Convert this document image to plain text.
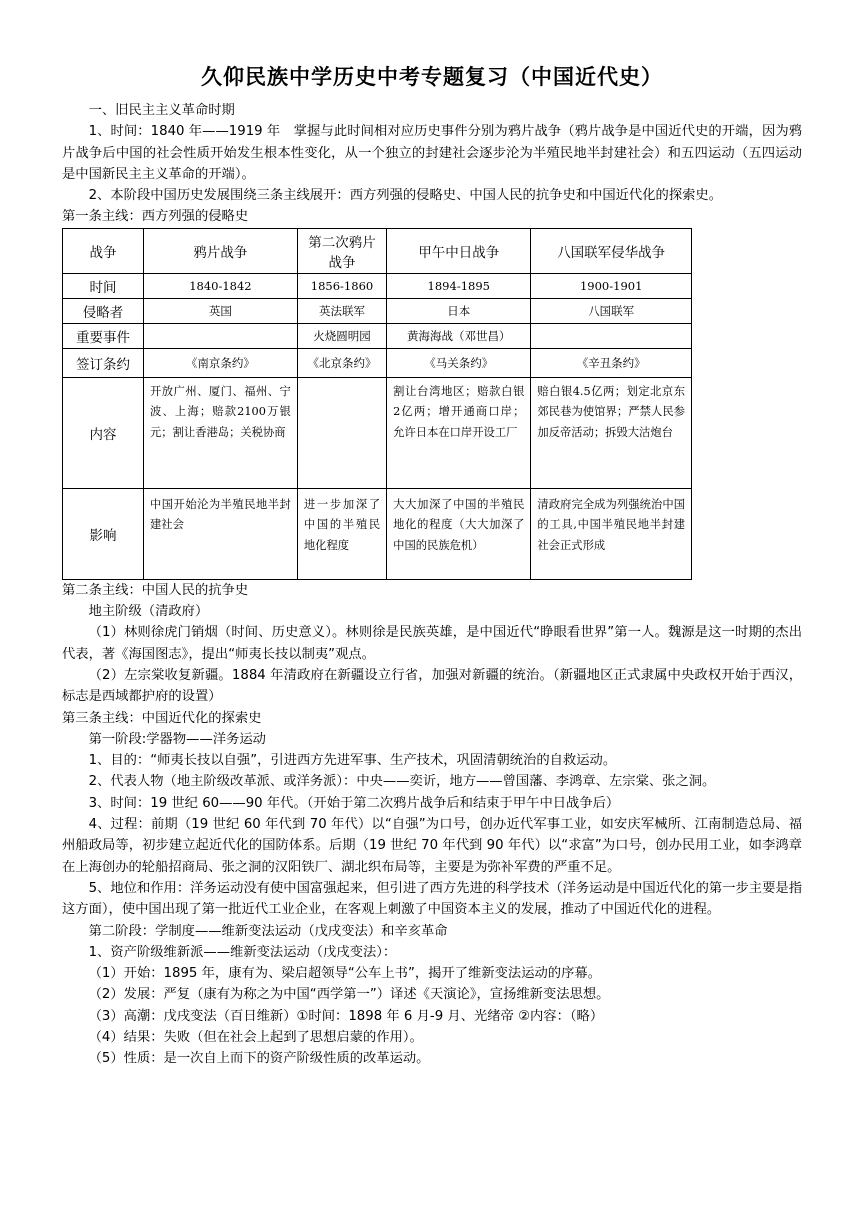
久仰民族中学历史中考专题复习（中国近代史）

一、旧民主主义革命时期

1、时间：1840 年——1919 年　掌握与此时间相对应历史事件分别为鸦片战争（鸦片战争是中国近代史的开端，因为鸦片战争后中国的社会性质开始发生根本性变化，从一个独立的封建社会逐步沦为半殖民地半封建社会）和五四运动（五四运动是中国新民主主义革命的开端）。

2、本阶段中国历史发展围绕三条主线展开：西方列强的侵略史、中国人民的抗争史和中国近代化的探索史。

第一条主线：西方列强的侵略史

战争	鸦片战争	第二次鸦片战争	甲午中日战争	八国联军侵华战争
时间	1840-1842	1856-1860	1894-1895	1900-1901
侵略者	英国	英法联军	日本	八国联军
重要事件		火烧圆明园	黄海海战（邓世昌）	
签订条约	《南京条约》	《北京条约》	《马关条约》	《辛丑条约》
内容	开放广州、厦门、福州、宁波、上海；赔款2100万银元；割让香港岛；关税协商		割让台湾地区；赔款白银2亿两；增开通商口岸；允许日本在口岸开设工厂	赔白银4.5亿两；划定北京东郊民巷为使馆界；严禁人民参加反帝活动；拆毁大沽炮台
影响	中国开始沦为半殖民地半封建社会	进一步加深了中国的半殖民地化程度	大大加深了中国的半殖民地化的程度（大大加深了中国的民族危机）	清政府完全成为列强统治中国的工具,中国半殖民地半封建社会正式形成

第二条主线：中国人民的抗争史

地主阶级（清政府）

（1）林则徐虎门销烟（时间、历史意义）。林则徐是民族英雄，是中国近代“睁眼看世界”第一人。魏源是这一时期的杰出代表，著《海国图志》，提出“师夷长技以制夷”观点。

（2）左宗棠收复新疆。1884 年清政府在新疆设立行省，加强对新疆的统治。（新疆地区正式隶属中央政权开始于西汉，标志是西域都护府的设置）

第三条主线：中国近代化的探索史

第一阶段:学器物——洋务运动

1、目的：“师夷长技以自强”，引进西方先进军事、生产技术，巩固清朝统治的自救运动。

2、代表人物（地主阶级改革派、或洋务派）：中央——奕䜣，地方——曾国藩、李鸿章、左宗棠、张之洞。

3、时间：19 世纪 60——90 年代。（开始于第二次鸦片战争后和结束于甲午中日战争后）

4、过程：前期（19 世纪 60 年代到 70 年代）以“自强”为口号，创办近代军事工业，如安庆军械所、江南制造总局、福州船政局等，初步建立起近代化的国防体系。后期（19 世纪 70 年代到 90 年代）以“求富”为口号，创办民用工业，如李鸿章在上海创办的轮船招商局、张之洞的汉阳铁厂、湖北织布局等，主要是为弥补军费的严重不足。

5、地位和作用：洋务运动没有使中国富强起来，但引进了西方先进的科学技术（洋务运动是中国近代化的第一步主要是指这方面），使中国出现了第一批近代工业企业，在客观上刺激了中国资本主义的发展，推动了中国近代化的进程。

第二阶段：学制度——维新变法运动（戊戌变法）和辛亥革命

1、资产阶级维新派——维新变法运动（戊戌变法）：

（1）开始：1895 年，康有为、梁启超领导“公车上书”，揭开了维新变法运动的序幕。

（2）发展：严复（康有为称之为中国“西学第一”）译述《天演论》，宣扬维新变法思想。

（3）高潮：戊戌变法（百日维新）①时间：1898 年 6 月-9 月、光绪帝 ②内容：（略）

（4）结果：失败（但在社会上起到了思想启蒙的作用）。

（5）性质：是一次自上而下的资产阶级性质的改革运动。
